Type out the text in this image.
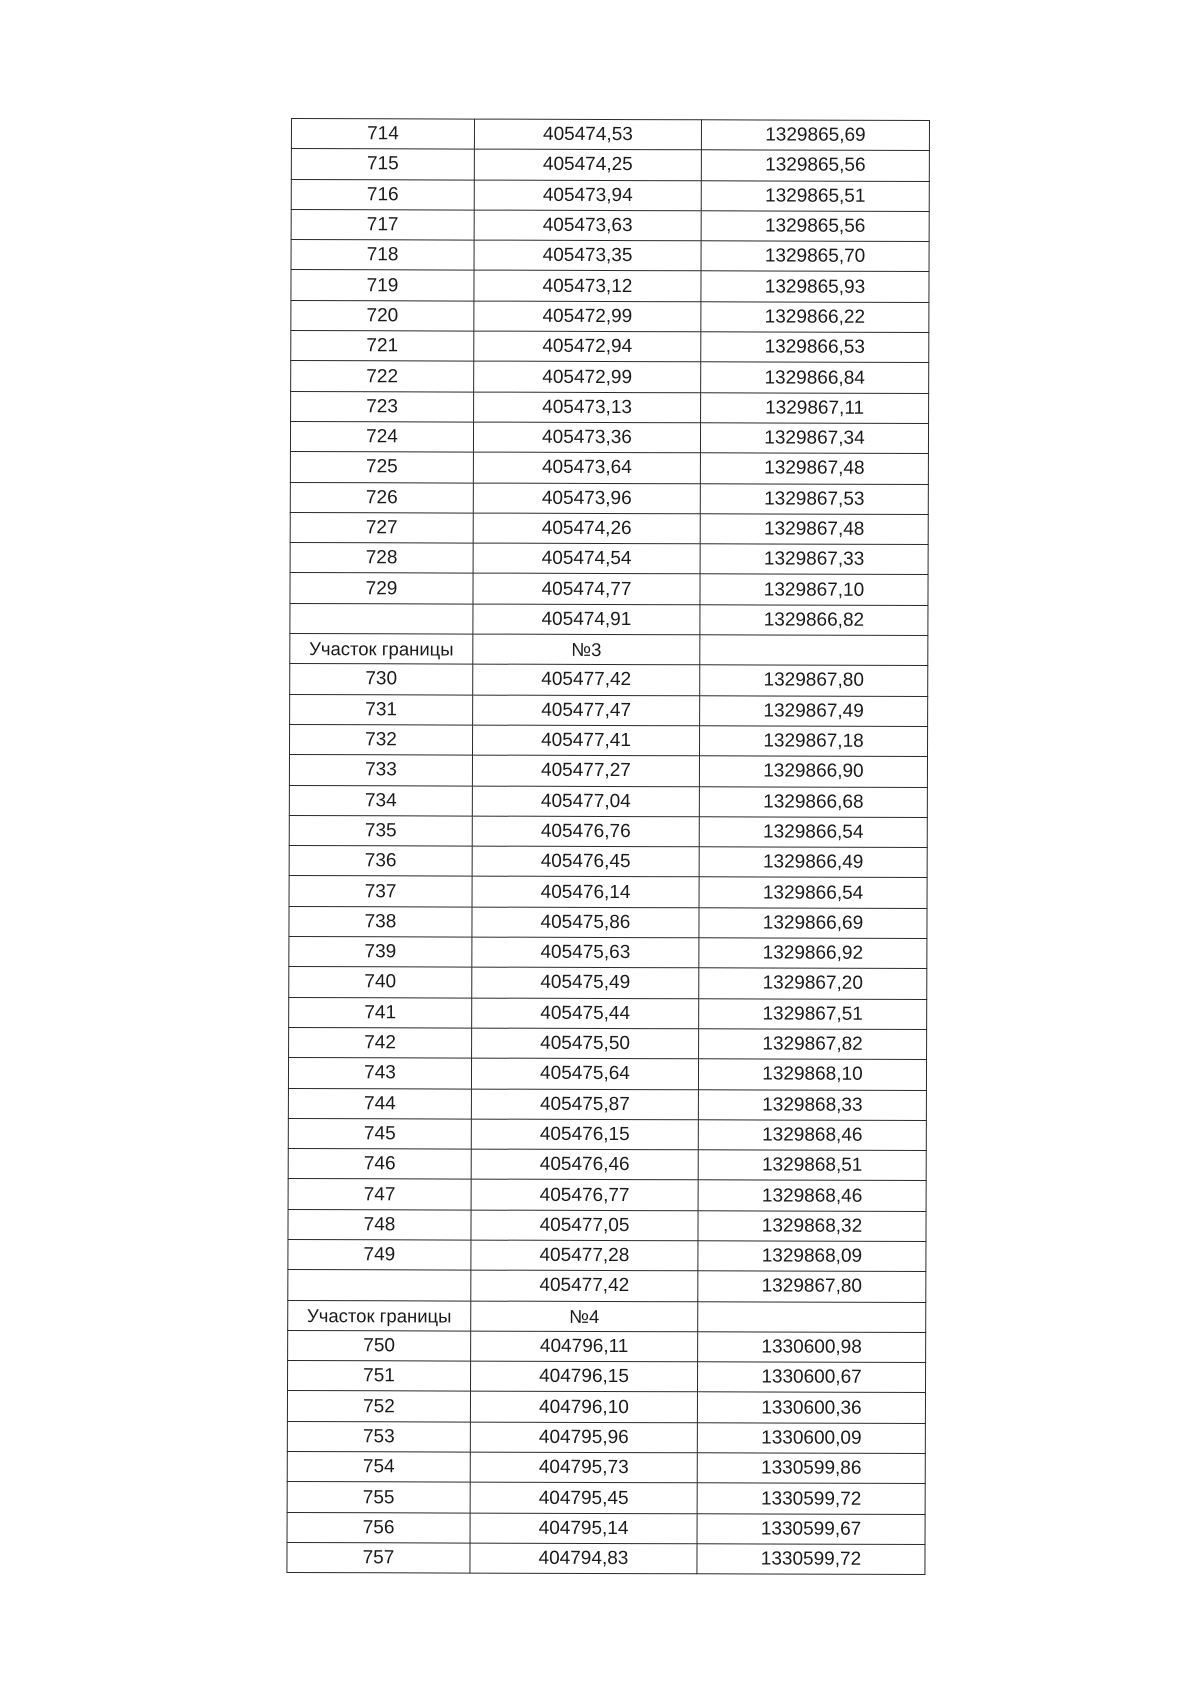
714	405474,53	1329865,69
715	405474,25	1329865,56
716	405473,94	1329865,51
717	405473,63	1329865,56
718	405473,35	1329865,70
719	405473,12	1329865,93
720	405472,99	1329866,22
721	405472,94	1329866,53
722	405472,99	1329866,84
723	405473,13	1329867,11
724	405473,36	1329867,34
725	405473,64	1329867,48
726	405473,96	1329867,53
727	405474,26	1329867,48
728	405474,54	1329867,33
729	405474,77	1329867,10
	405474,91	1329866,82
Участок границы	№3	
730	405477,42	1329867,80
731	405477,47	1329867,49
732	405477,41	1329867,18
733	405477,27	1329866,90
734	405477,04	1329866,68
735	405476,76	1329866,54
736	405476,45	1329866,49
737	405476,14	1329866,54
738	405475,86	1329866,69
739	405475,63	1329866,92
740	405475,49	1329867,20
741	405475,44	1329867,51
742	405475,50	1329867,82
743	405475,64	1329868,10
744	405475,87	1329868,33
745	405476,15	1329868,46
746	405476,46	1329868,51
747	405476,77	1329868,46
748	405477,05	1329868,32
749	405477,28	1329868,09
	405477,42	1329867,80
Участок границы	№4	
750	404796,11	1330600,98
751	404796,15	1330600,67
752	404796,10	1330600,36
753	404795,96	1330600,09
754	404795,73	1330599,86
755	404795,45	1330599,72
756	404795,14	1330599,67
757	404794,83	1330599,72
